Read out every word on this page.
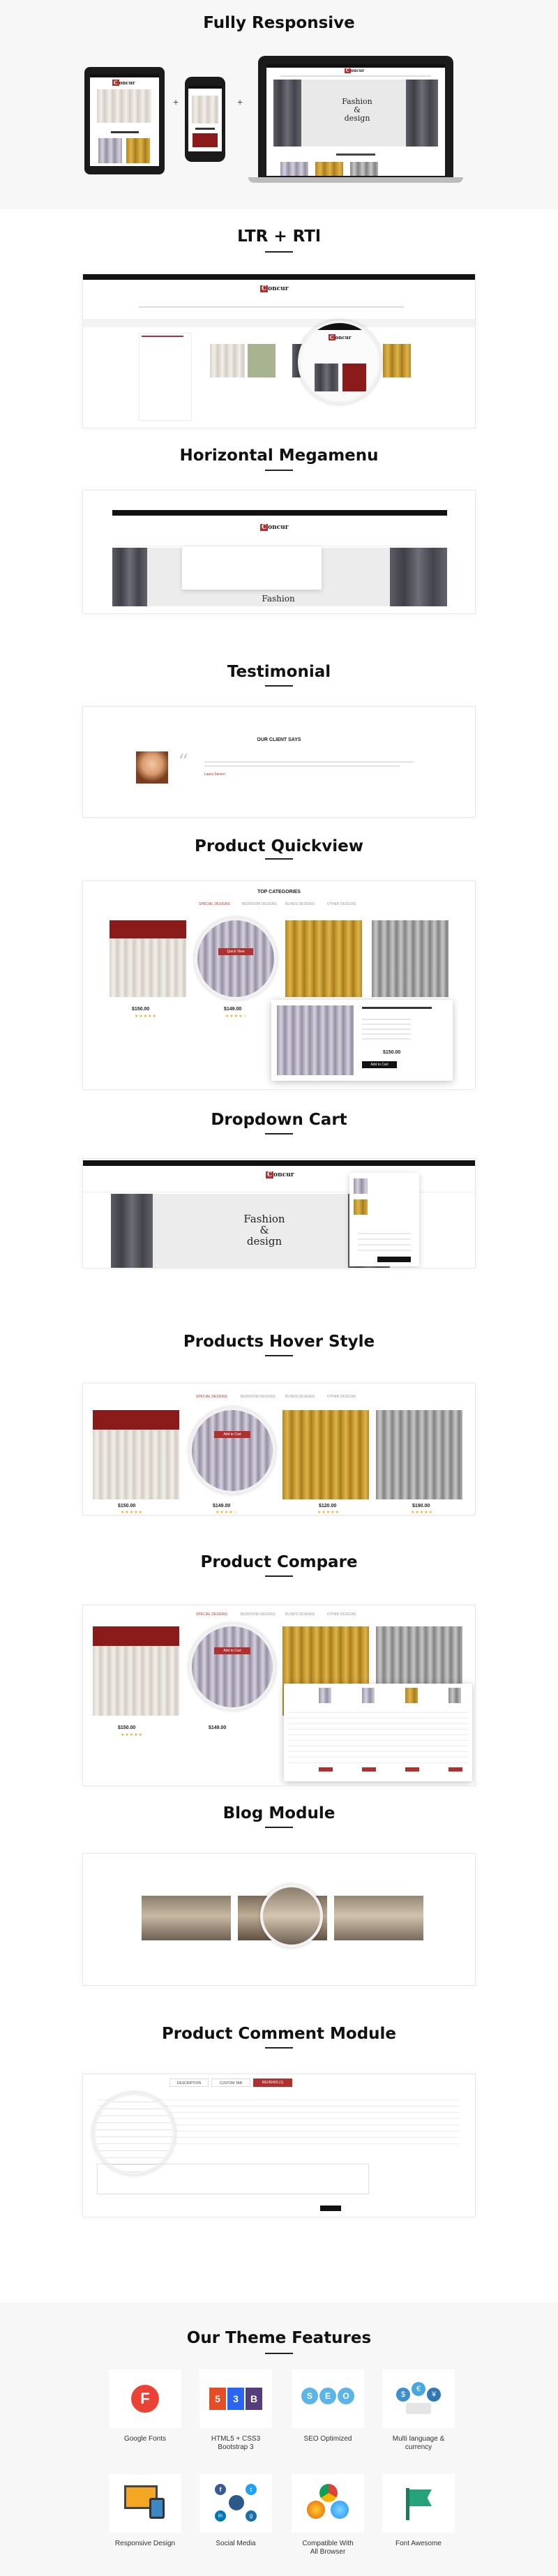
Fully Responsive
C oncur
+	+
C oncur
Fashion
&
design
LTR + RTl
C oncur
C oncur
Horizontal Megamenu
C oncur
Fashion
Testimonial
OUR CLIENT SAYS
“	Laura Steven
Product Quickview
TOP CATEGORIES
SPECIAL DESIGNS	BEDROOM DESIGNS BLINDS DESIGNS	OTHER DESIGNS
Quick View
$150.00
★★★★★
$149.00
★★★★☆
$150.00
Add to Cart
Dropdown Cart
C oncur
Fashion
&
design
Products Hover Style
SPECIAL DESIGNS	BEDROOM DESIGNS	BLINDS DESIGNS	OTHER DESIGNS
Add to Cart
$150.00
★★★★★
$149.00
★★★★☆
$120.00
★★★★★
$190.00
★★★★★
Product Compare
SPECIAL DESIGNS	BEDROOM DESIGNS	BLINDS DESIGNS	OTHER DESIGNS
Add to Cart
$150.00
★★★★★
$149.00
Blog Module
Product Comment Module
DESCRIPTION	CUSTOM TAB	REVIEWS (1)
Our Theme Features
F
Google Fonts
5	3	B
HTML5 + CSS3
Bootstrap 3
S	E	O
SEO Optimized
$
€
¥
Multi language &
currency
Responsive Design
f	t
in	g
Social Media	Compatible With
All Browser
Font Awesome
